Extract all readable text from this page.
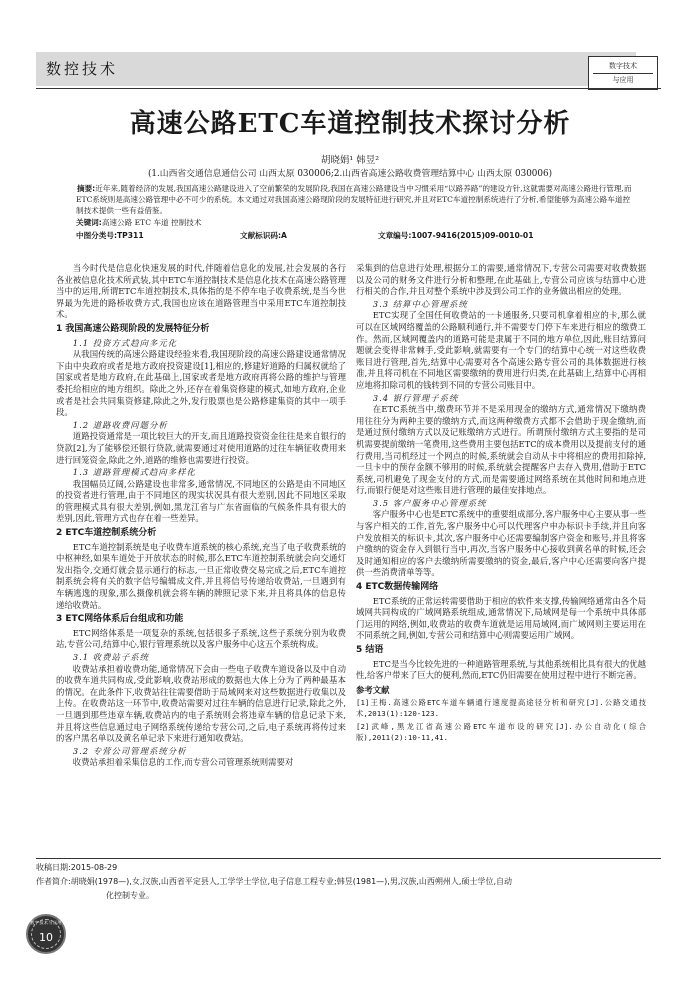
数控技术	数字技术
与应用
高速公路ETC车道控制技术探讨分析
胡晓娟¹ 韩昱²
(1.山西省交通信息通信公司 山西太原 030006;2.山西省高速公路收费管理结算中心 山西太原 030006)
摘要:近年来,随着经济的发展,我国高速公路建设进入了空前繁荣的发展阶段,我国在高速公路建设当中习惯采用“以路养路”的建设方针,这就需要对高速公路进行管理,而ETC系统则是高速公路管理中必不可少的系统。本文通过对我国高速公路现阶段的发展特征进行研究,并且对ETC车道控制系统进行了分析,希望能够为高速公路车道控制技术提供一些有益借鉴。
关键词:高速公路 ETC 车道 控制技术
中图分类号:TP311	文献标识码:A	文章编号:1007-9416(2015)09-0010-01

当今时代是信息化快速发展的时代,伴随着信息化的发展,社会发展的各行各业被信息化技术所武装,其中ETC车道控制技术是信息化技术在高速公路管理当中的运用,所谓ETC车道控制技术,具体指的是不停车电子收费系统,是当今世界最为先进的路桥收费方式,我国也应该在道路管理当中采用ETC车道控制技术。

1 我国高速公路现阶段的发展特征分析
1.1 投资方式趋向多元化

从我国传统的高速公路建设经验来看,我国现阶段的高速公路建设通常情况下由中央政府或者是地方政府投资建设[1],相应的,修建好道路的归属权就给了国家或者是地方政府,在此基础上,国家或者是地方政府再将公路的维护与管理委托给相应的地方组织。除此之外,还存在着集资修建的模式,如地方政府,企业或者是社会共同集资修建,除此之外,发行股票也是公路修建集资的其中一项手段。

1.2 道路收费问题分析

道路投资通常是一项比较巨大的开支,而且道路投资资金往往是来自银行的贷款[2],为了能够偿还银行贷款,就需要通过对使用道路的过往车辆征收费用来进行回笼资金,除此之外,道路的维修也需要进行投资。

1.3 道路管理模式趋向多样化

我国幅员辽阔,公路建设也非常多,通常情况,不同地区的公路是由不同地区的投资者进行管理,由于不同地区的现实状况具有很大差别,因此不同地区采取的管理模式具有很大差别,例如,黑龙江省与广东省面临的气候条件具有很大的差别,因此,管理方式也存在着一些差异。

2 ETC车道控制系统分析

ETC车道控制系统是电子收费车道系统的核心系统,充当了电子收费系统的中枢神经,如果车道处于开放状态的时候,那么ETC车道控制系统就会向交通灯发出指令,交通灯就会显示通行的标志,一旦正常收费交易完成之后,ETC车道控制系统会将有关的数字信号编辑成文件,并且将信号传递给收费站,一旦遇到有车辆逃逸的现象,那么摄像机就会将车辆的牌照记录下来,并且将具体的信息传递给收费站。

3 ETC网络体系后台组成和功能

ETC网络体系是一项复杂的系统,包括很多子系统,这些子系统分别为收费站,专营公司,结算中心,银行管理系统以及客户服务中心这五个系统构成。

3.1 收费站子系统

收费站承担着收费功能,通常情况下会由一些电子收费车道设备以及中自动的收费车道共同构成,受此影响,收费站形成的数据也大体上分为了两种最基本的情况。在此条件下,收费站往往需要借助于局域网来对这些数据进行收集以及上传。在收费站这一环节中,收费站需要对过往车辆的信息进行记录,除此之外,一旦遇到那些违章车辆,收费站内的电子系统则会将违章车辆的信息记录下来,并且将这些信息通过电子网络系统传递给专营公司,之后,电子系统再将传过来的客户黑名单以及黄名单记录下来进行通知收费站。

3.2 专营公司管理系统分析

收费站承担着采集信息的工作,而专营公司管理系统则需要对

采集到的信息进行处理,根据分工的需要,通常情况下,专营公司需要对收费数据以及公司的财务文件进行分析和整理,在此基础上,专营公司应该与结算中心进行相关的合作,并且对整个系统中涉及到公司工作的业务做出相应的处理。

3.3 结算中心管理系统

ETC实现了全国任何收费站的一卡通服务,只要司机拿着相应的卡,那么就可以在区域网络覆盖的公路顺利通行,并不需要专门停下车来进行相应的缴费工作。然而,区域网覆盖内的道路可能是隶属于不同的地方单位,因此,账目结算问题就会变得非常棘手,受此影响,就需要有一个专门的结算中心统一对这些收费账目进行管理,首先,结算中心需要对各个高速公路专营公司的具体数据进行核准,并且将司机在不同地区需要缴纳的费用进行归类,在此基础上,结算中心再相应地将扣除司机的钱转到不同的专营公司账目中。

3.4 银行管理子系统

在ETC系统当中,缴费环节并不是采用现金的缴纳方式,通常情况下缴纳费用往往分为两种主要的缴纳方式,而这两种缴费方式都不会借助于现金缴纳,而是通过预付缴纳方式以及记账缴纳方式进行。所谓预付缴纳方式主要指的是司机需要提前缴纳一笔费用,这些费用主要包括ETC的成本费用以及提前支付的通行费用,当司机经过一个网点的时候,系统就会自动从卡中将相应的费用扣除掉,一旦卡中的预存金额不够用的时候,系统就会提醒客户去存入费用,借助于ETC系统,司机避免了现金支付的方式,而是需要通过网络系统在其他时间和地点进行,而银行便是对这些账目进行管理的最佳安排地点。

3.5 客户服务中心管理系统

客户服务中心也是ETC系统中的重要组成部分,客户服务中心主要从事一些与客户相关的工作,首先,客户服务中心可以代理客户申办标识卡手续,并且向客户发放相关的标识卡,其次,客户服务中心还需要编制客户资金和账号,并且将客户缴纳的资金存入到银行当中,再次,当客户服务中心接收到黄名单的时候,还会及时通知相应的客户去缴纳所需要缴纳的资金,最后,客户中心还需要向客户提供一些消费清单等等。

4 ETC数据传输网络

ETC系统的正常运转需要借助于相应的软件来支撑,传输网络通常由各个局域网共同构成的广域网路系统组成,通常情况下,局域网是每一个系统中具体部门运用的网络,例如,收费站的收费车道就是运用局域网,而广域网则主要运用在不同系统之间,例如,专营公司和结算中心则需要运用广域网。

5 结语

ETC是当今比较先进的一种道路管理系统,与其他系统相比具有很大的优越性,给客户带来了巨大的便利,然而,ETC仍旧需要在使用过程中进行不断完善。

参考文献

[1]王梅.高速公路ETC车道车辆通行速度提高途径分析和研究[J].公路交通技术,2013(1):120-123.

[2]武峰,黑龙江省高速公路ETC车道布设的研究[J].办公自动化(综合版),2011(2):10-11,41.

收稿日期:2015-08-29
作者简介:胡晓娟(1978—),女,汉族,山西省平定县人,工学学士学位,电子信息工程专业;韩昱(1981—),男,汉族,山西朔州人,硕士学位,自动
化控制专业。
数字技术与应用
10
